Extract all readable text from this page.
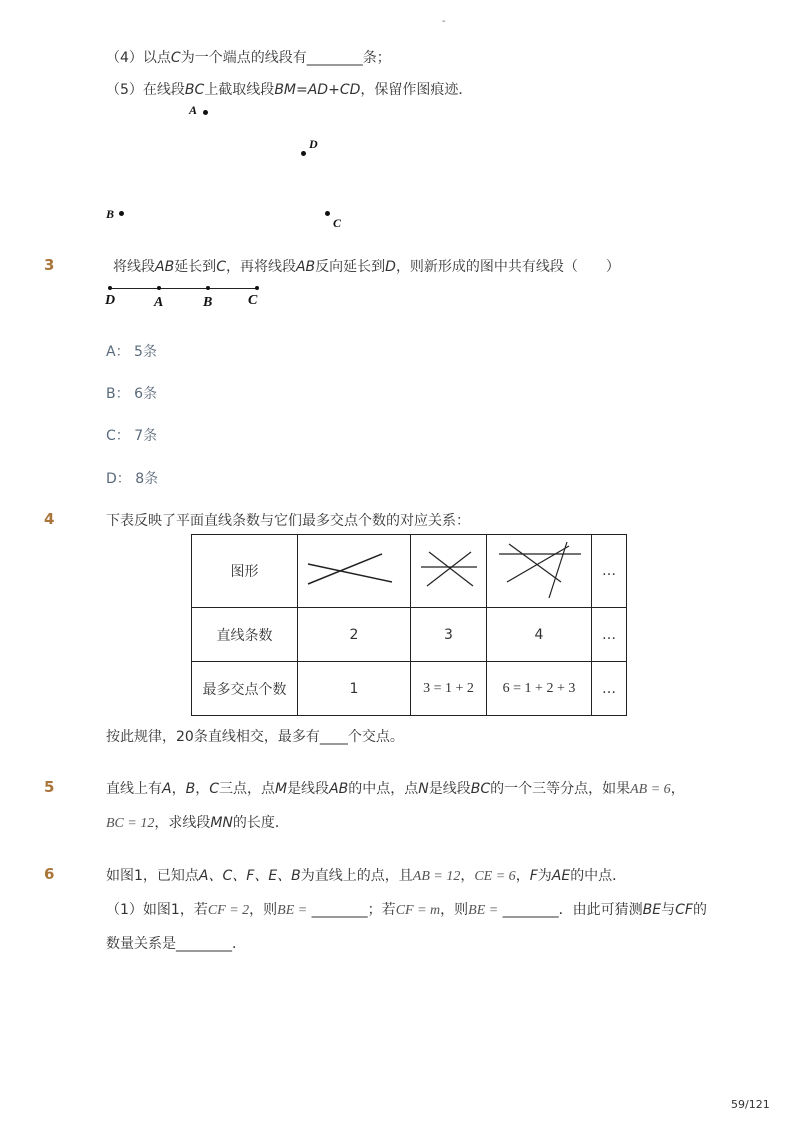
-
（4）以点C为一个端点的线段有________条；
（5）在线段BC上截取线段BM=AD+CD，保留作图痕迹．
A
D
B
C
3	将线段AB延长到C，再将线段AB反向延长到D，则新形成的图中共有线段（　　）
D	A	B	C
A： 5条
B： 6条
C： 7条
D： 8条
4	下表反映了平面直线条数与它们最多交点个数的对应关系：
图形				…
直线条数	2	3	4	…
最多交点个数	1	3 = 1 + 2	6 = 1 + 2 + 3	…
按此规律，20条直线相交，最多有____个交点。
5	直线上有A，B，C三点，点M是线段AB的中点，点N是线段BC的一个三等分点，如果AB = 6，
BC = 12，求线段MN的长度．
6	如图1，已知点A、C、F、E、B为直线上的点，且AB = 12，CE = 6，F为AE的中点．
（1）如图1，若CF = 2，则BE = ________；若CF = m，则BE = ________．由此可猜测BE与CF的
数量关系是________．
59/121
